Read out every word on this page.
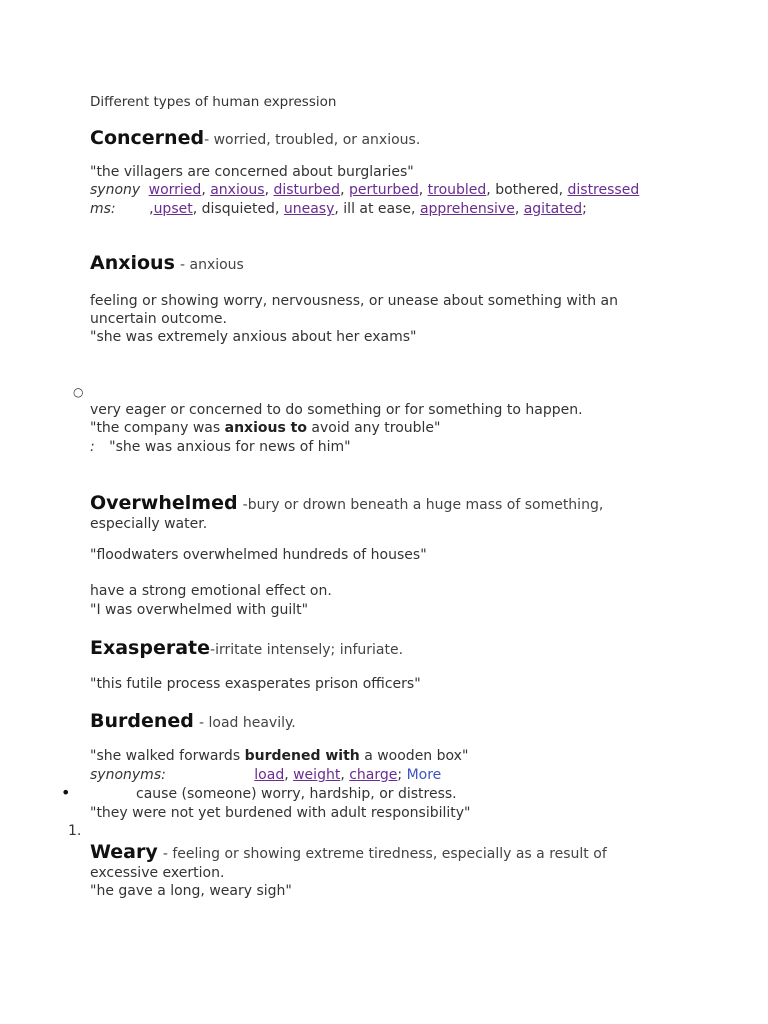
Different types of human expression
Concerned- worried, troubled, or anxious.
"the villagers are concerned about burglaries"
synony worried, anxious, disturbed, perturbed, troubled, bothered, distressed
ms: ,upset, disquieted, uneasy, ill at ease, apprehensive, agitated;
Anxious - anxious
feeling or showing worry, nervousness, or unease about something with an
uncertain outcome.
"she was extremely anxious about her exams"
○
very eager or concerned to do something or for something to happen.
"the company was anxious to avoid any trouble"
: "she was anxious for news of him"
Overwhelmed -bury or drown beneath a huge mass of something,
especially water.
"floodwaters overwhelmed hundreds of houses"
have a strong emotional effect on.
"I was overwhelmed with guilt"
Exasperate-irritate intensely; infuriate.
"this futile process exasperates prison officers"
Burdened - load heavily.
"she walked forwards burdened with a wooden box"
synonyms:	load, weight, charge; More
•	cause (someone) worry, hardship, or distress.
"they were not yet burdened with adult responsibility"
1.
Weary - feeling or showing extreme tiredness, especially as a result of
excessive exertion.
"he gave a long, weary sigh"
